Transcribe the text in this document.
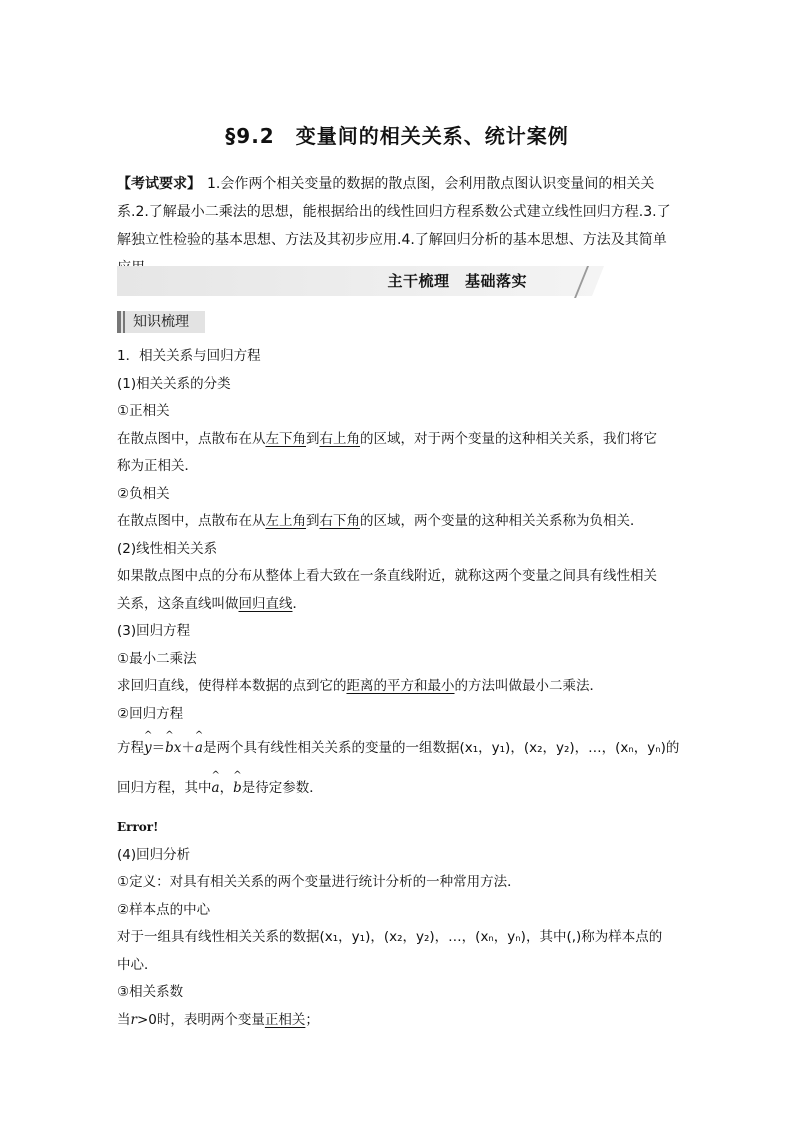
§9.2　变量间的相关关系、统计案例
【考试要求】 1.会作两个相关变量的数据的散点图，会利用散点图认识变量间的相关关系.2.了解最小二乘法的思想，能根据给出的线性回归方程系数公式建立线性回归方程.3.了解独立性检验的基本思想、方法及其初步应用.4.了解回归分析的基本思想、方法及其简单
主干梳理　基础落实
知识梳理
1．相关关系与回归方程
(1)相关关系的分类
①正相关
在散点图中，点散布在从左下角到右上角的区域，对于两个变量的这种相关关系，我们将它
称为正相关．
②负相关
在散点图中，点散布在从左上角到右下角的区域，两个变量的这种相关关系称为负相关．
(2)线性相关关系
如果散点图中点的分布从整体上看大致在一条直线附近，就称这两个变量之间具有线性相关
关系，这条直线叫做回归直线．
(3)回归方程
①最小二乘法
求回归直线，使得样本数据的点到它的距离的平方和最小的方法叫做最小二乘法．
②回归方程
方程^ y＝^ bx＋^ a是两个具有线性相关关系的变量的一组数据(x₁，y₁)，(x₂，y₂)，…，(xₙ，yₙ)的
回归方程，其中^ a，^ b是待定参数．
Error!
(4)回归分析
①定义：对具有相关关系的两个变量进行统计分析的一种常用方法．
②样本点的中心
对于一组具有线性相关关系的数据(x₁，y₁)，(x₂，y₂)，…，(xₙ，yₙ)，其中(,)称为样本点的
中心．
③相关系数
当r>0时，表明两个变量正相关；
